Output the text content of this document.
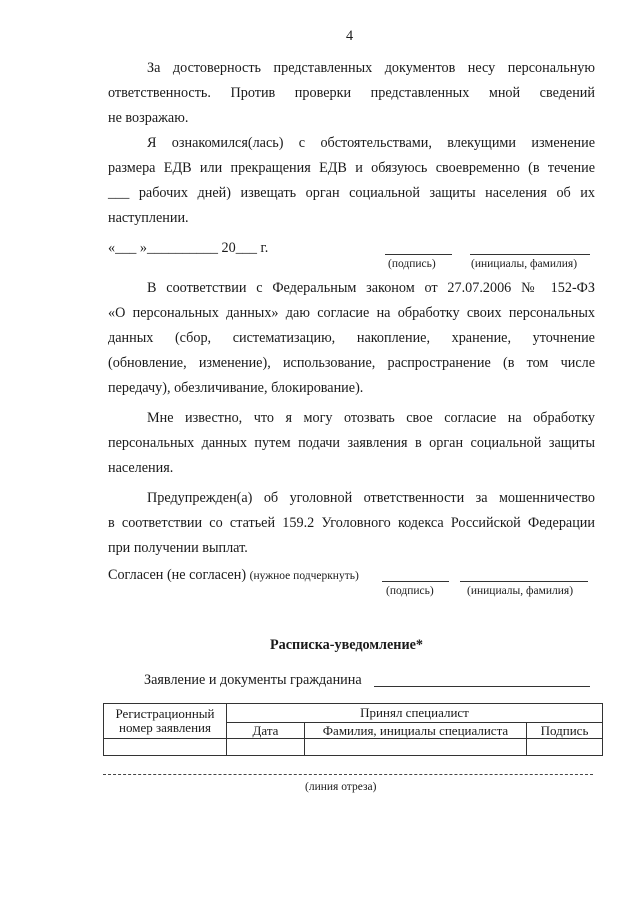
4
За достоверность представленных документов несу персональную
ответственность. Против проверки представленных мной сведений
не возражаю.
Я ознакомился(лась) с обстоятельствами, влекущими изменение
размера ЕДВ или прекращения ЕДВ и обязуюсь своевременно (в течение
___ рабочих дней) извещать орган социальной защиты населения об их
наступлении.
«___ »__________ 20___ г.
(подпись)	(инициалы, фамилия)
В соответствии с Федеральным законом от 27.07.2006 № 152-ФЗ
«О персональных данных» даю согласие на обработку своих персональных
данных (сбор, систематизацию, накопление, хранение, уточнение
(обновление, изменение), использование, распространение (в том числе
передачу), обезличивание, блокирование).
Мне известно, что я могу отозвать свое согласие на обработку
персональных данных путем подачи заявления в орган социальной защиты
населения.
Предупрежден(а) об уголовной ответственности за мошенничество
в соответствии со статьей 159.2 Уголовного кодекса Российской Федерации
при получении выплат.
Согласен (не согласен) (нужное подчеркнуть)
(подпись)	(инициалы, фамилия)
Расписка-уведомление*
Заявление и документы гражданина
Регистрационный
номер заявления	Принял специалист		
	Дата	Фамилия, инициалы специалиста	Подпись

(линия отреза)
